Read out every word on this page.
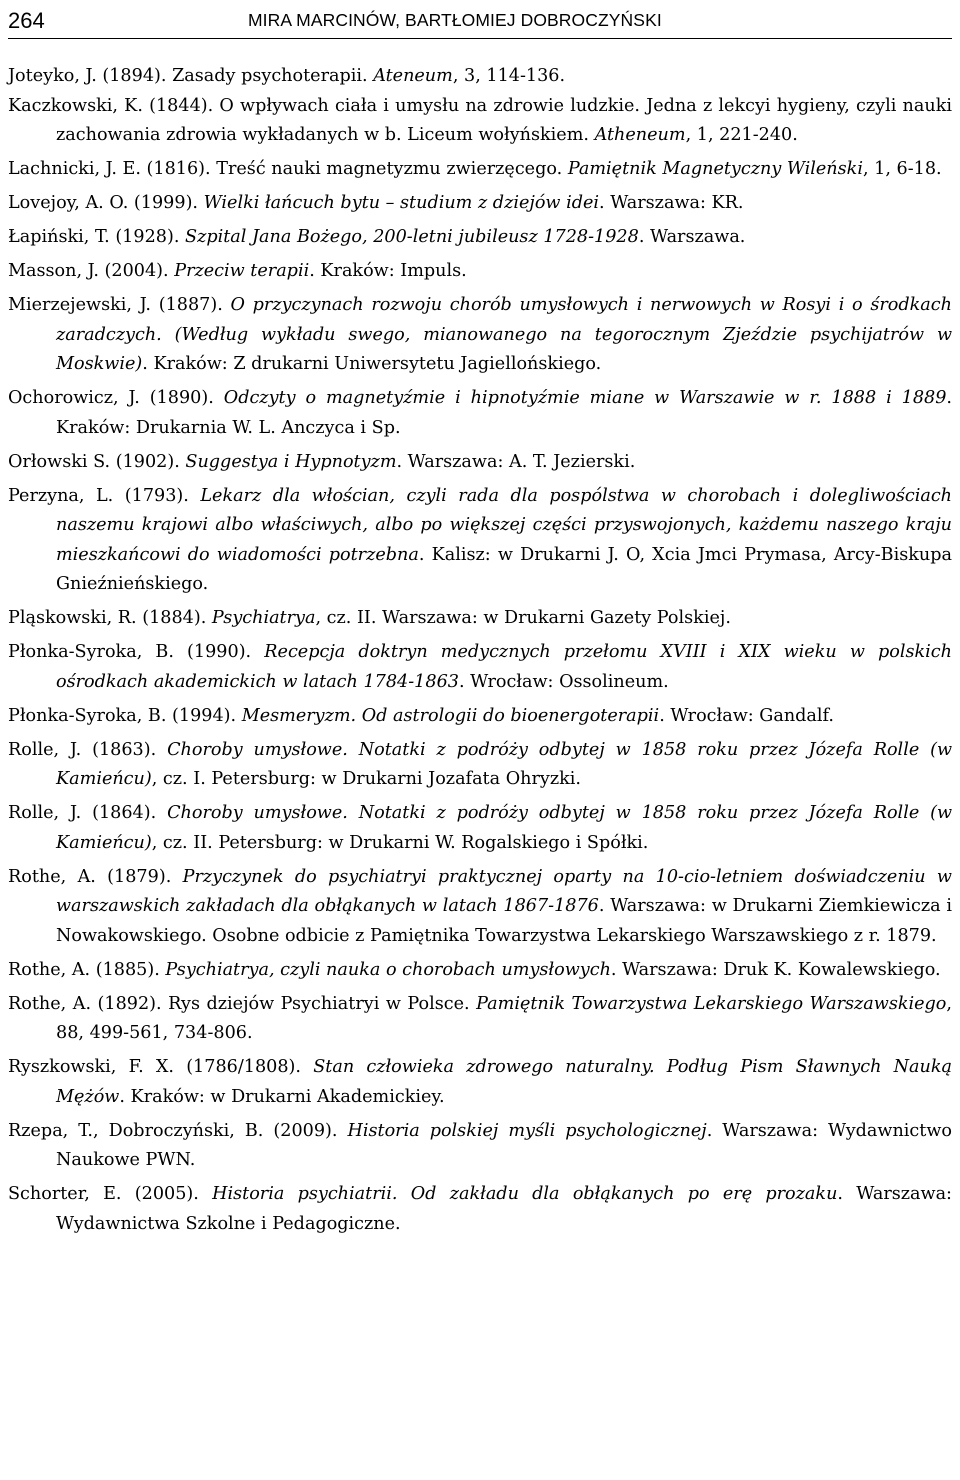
264	MIRA MARCINÓW, BARTŁOMIEJ DOBROCZYŃSKI

Joteyko, J. (1894). Zasady psychoterapii. Ateneum, 3, 114-136.

Kaczkowski, K. (1844). O wpływach ciała i umysłu na zdrowie ludzkie. Jedna z lekcyi hygieny, czyli nauki zachowania zdrowia wykładanych w b. Liceum wołyńskiem. Atheneum, 1, 221-240.

Lachnicki, J. E. (1816). Treść nauki magnetyzmu zwierzęcego. Pamiętnik Magnetyczny Wileński, 1, 6-18.

Lovejoy, A. O. (1999). Wielki łańcuch bytu – studium z dziejów idei. Warszawa: KR.

Łapiński, T. (1928). Szpital Jana Bożego, 200-letni jubileusz 1728-1928. Warszawa.

Masson, J. (2004). Przeciw terapii. Kraków: Impuls.

Mierzejewski, J. (1887). O przyczynach rozwoju chorób umysłowych i nerwowych w Rosyi i o środkach zaradczych. (Według wykładu swego, mianowanego na tegorocznym Zjeździe psychijatrów w Moskwie). Kraków: Z drukarni Uniwersytetu Jagiellońskiego.

Ochorowicz, J. (1890). Odczyty o magnetyźmie i hipnotyźmie miane w Warszawie w r. 1888 i 1889. Kraków: Drukarnia W. L. Anczyca i Sp.

Orłowski S. (1902). Suggestya i Hypnotyzm. Warszawa: A. T. Jezierski.

Perzyna, L. (1793). Lekarz dla włościan, czyli rada dla pospólstwa w chorobach i dolegliwościach naszemu krajowi albo właściwych, albo po większej części przyswojonych, każdemu naszego kraju mieszkańcowi do wiadomości potrzebna. Kalisz: w Drukarni J. O, Xcia Jmci Prymasa, Arcy-Biskupa Gnieźnieńskiego.

Pląskowski, R. (1884). Psychiatrya, cz. II. Warszawa: w Drukarni Gazety Polskiej.

Płonka-Syroka, B. (1990). Recepcja doktryn medycznych przełomu XVIII i XIX wieku w polskich ośrodkach akademickich w latach 1784-1863. Wrocław: Ossolineum.

Płonka-Syroka, B. (1994). Mesmeryzm. Od astrologii do bioenergoterapii. Wrocław: Gandalf.

Rolle, J. (1863). Choroby umysłowe. Notatki z podróży odbytej w 1858 roku przez Józefa Rolle (w Kamieńcu), cz. I. Petersburg: w Drukarni Jozafata Ohryzki.

Rolle, J. (1864). Choroby umysłowe. Notatki z podróży odbytej w 1858 roku przez Józefa Rolle (w Kamieńcu), cz. II. Petersburg: w Drukarni W. Rogalskiego i Spółki.

Rothe, A. (1879). Przyczynek do psychiatryi praktycznej oparty na 10-cio-letniem doświadczeniu w warszawskich zakładach dla obłąkanych w latach 1867-1876. Warszawa: w Drukarni Ziemkiewicza i Nowakowskiego. Osobne odbicie z Pamiętnika Towarzystwa Lekarskiego Warszawskiego z r. 1879.

Rothe, A. (1885). Psychiatrya, czyli nauka o chorobach umysłowych. Warszawa: Druk K. Kowalewskiego.

Rothe, A. (1892). Rys dziejów Psychiatryi w Polsce. Pamiętnik Towarzystwa Lekarskiego Warszawskiego, 88, 499-561, 734-806.

Ryszkowski, F. X. (1786/1808). Stan człowieka zdrowego naturalny. Podług Pism Sławnych Nauką Mężów. Kraków: w Drukarni Akademickiey.

Rzepa, T., Dobroczyński, B. (2009). Historia polskiej myśli psychologicznej. Warszawa: Wydawnictwo Naukowe PWN.

Schorter, E. (2005). Historia psychiatrii. Od zakładu dla obłąkanych po erę prozaku. Warszawa: Wydawnictwa Szkolne i Pedagogiczne.
